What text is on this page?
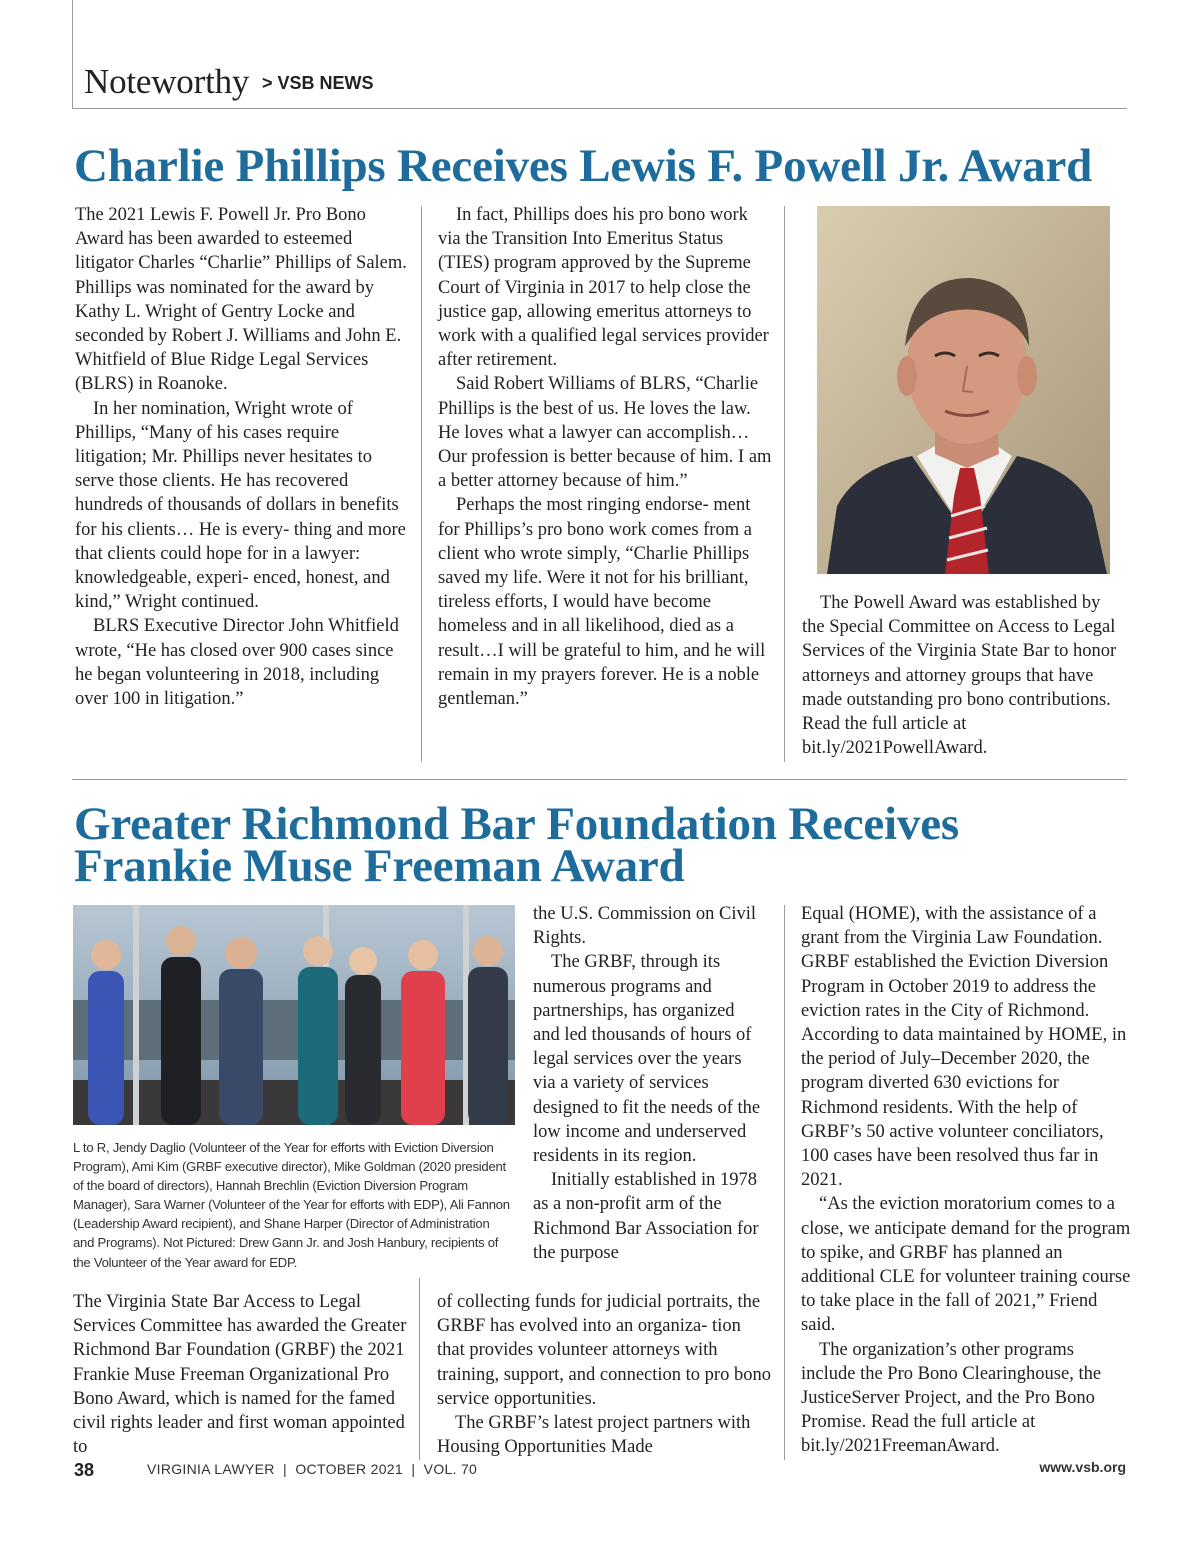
Noteworthy > VSB NEWS
Charlie Phillips Receives Lewis F. Powell Jr. Award

The 2021 Lewis F. Powell Jr. Pro Bono Award has been awarded to esteemed litigator Charles “Charlie” Phillips of Salem. Phillips was nominated for the award by Kathy L. Wright of Gentry Locke and seconded by Robert J. Williams and John E. Whitfield of Blue Ridge Legal Services (BLRS) in Roanoke.

In her nomination, Wright wrote of Phillips, “Many of his cases require litigation; Mr. Phillips never hesitates to serve those clients. He has recovered hundreds of thousands of dollars in benefits for his clients… He is every- thing and more that clients could hope for in a lawyer: knowledgeable, experi- enced, honest, and kind,” Wright continued.

BLRS Executive Director John Whitfield wrote, “He has closed over 900 cases since he began volunteering in 2018, including over 100 in litigation.”

In fact, Phillips does his pro bono work via the Transition Into Emeritus Status (TIES) program approved by the Supreme Court of Virginia in 2017 to help close the justice gap, allowing emeritus attorneys to work with a qualified legal services provider after retirement.

Said Robert Williams of BLRS, “Charlie Phillips is the best of us. He loves the law. He loves what a lawyer can accomplish…Our profession is better because of him. I am a better attorney because of him.”

Perhaps the most ringing endorse- ment for Phillips’s pro bono work comes from a client who wrote simply, “Charlie Phillips saved my life. Were it not for his brilliant, tireless efforts, I would have become homeless and in all likelihood, died as a result…I will be grateful to him, and he will remain in my prayers forever. He is a noble gentleman.”

The Powell Award was established by the Special Committee on Access to Legal Services of the Virginia State Bar to honor attorneys and attorney groups that have made outstanding pro bono contributions. Read the full article at bit.ly/2021PowellAward.

Greater Richmond Bar Foundation Receives
Frankie Muse Freeman Award
L to R, Jendy Daglio (Volunteer of the Year for efforts with Eviction Diversion Program), Ami Kim (GRBF executive director), Mike Goldman (2020 president of the board of directors), Hannah Brechlin (Eviction Diversion Program Manager), Sara Warner (Volunteer of the Year for efforts with EDP), Ali Fannon (Leadership Award recipient), and Shane Harper (Director of Administration and Programs). Not Pictured: Drew Gann Jr. and Josh Hanbury, recipients of the Volunteer of the Year award for EDP.

the U.S. Commission on Civil Rights.

The GRBF, through its numerous programs and partnerships, has organized and led thousands of hours of legal services over the years via a variety of services designed to fit the needs of the low income and underserved residents in its region.

Initially established in 1978 as a non-profit arm of the Richmond Bar Association for the purpose

The Virginia State Bar Access to Legal Services Committee has awarded the Greater Richmond Bar Foundation (GRBF) the 2021 Frankie Muse Freeman Organizational Pro Bono Award, which is named for the famed civil rights leader and first woman appointed to

of collecting funds for judicial portraits, the GRBF has evolved into an organiza- tion that provides volunteer attorneys with training, support, and connection to pro bono service opportunities.

The GRBF’s latest project partners with Housing Opportunities Made

Equal (HOME), with the assistance of a grant from the Virginia Law Foundation. GRBF established the Eviction Diversion Program in October 2019 to address the eviction rates in the City of Richmond. According to data maintained by HOME, in the period of July–December 2020, the program diverted 630 evictions for Richmond residents. With the help of GRBF’s 50 active volunteer conciliators, 100 cases have been resolved thus far in 2021.

“As the eviction moratorium comes to a close, we anticipate demand for the program to spike, and GRBF has planned an additional CLE for volunteer training course to take place in the fall of 2021,” Friend said.

The organization’s other programs include the Pro Bono Clearinghouse, the JusticeServer Project, and the Pro Bono Promise. Read the full article at bit.ly/2021FreemanAward.

38	VIRGINIA LAWYER  |  OCTOBER 2021  |  VOL. 70	www.vsb.org
